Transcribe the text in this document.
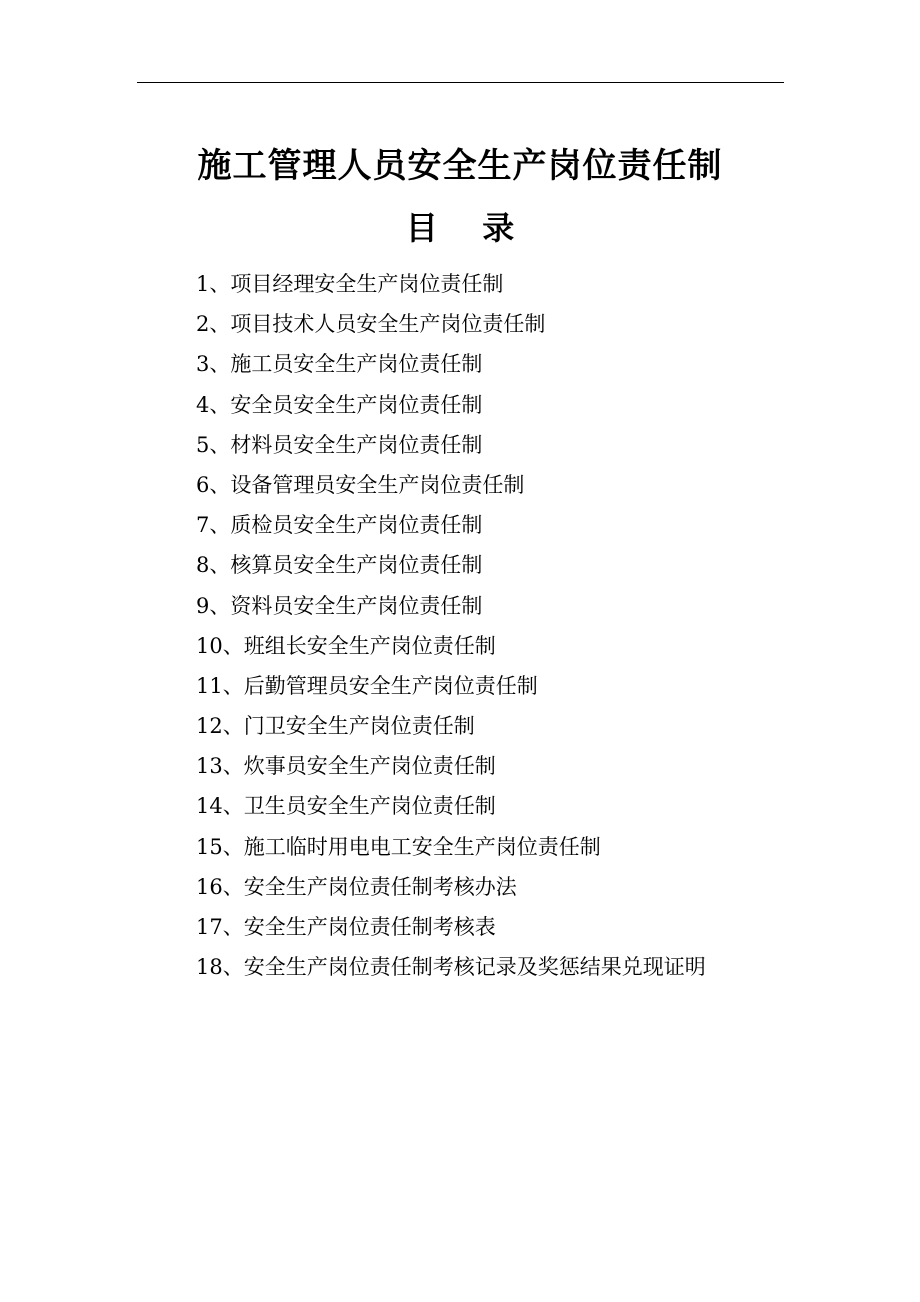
施工管理人员安全生产岗位责任制
目    录
1、项目经理安全生产岗位责任制
2、项目技术人员安全生产岗位责任制
3、施工员安全生产岗位责任制
4、安全员安全生产岗位责任制
5、材料员安全生产岗位责任制
6、设备管理员安全生产岗位责任制
7、质检员安全生产岗位责任制
8、核算员安全生产岗位责任制
9、资料员安全生产岗位责任制
10、班组长安全生产岗位责任制
11、后勤管理员安全生产岗位责任制
12、门卫安全生产岗位责任制
13、炊事员安全生产岗位责任制
14、卫生员安全生产岗位责任制
15、施工临时用电电工安全生产岗位责任制
16、安全生产岗位责任制考核办法
17、安全生产岗位责任制考核表
18、安全生产岗位责任制考核记录及奖惩结果兑现证明
